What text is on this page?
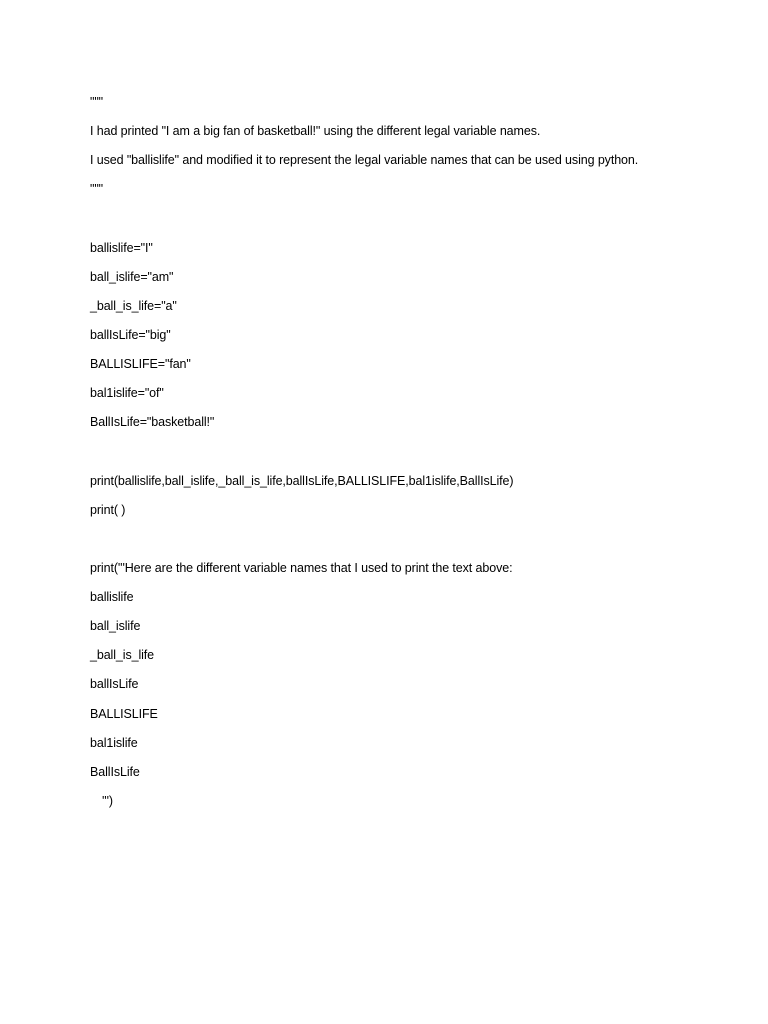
"""
I had printed "I am a big fan of basketball!" using the different legal variable names.
I used "ballislife" and modified it to represent the legal variable names that can be used using python.
"""
ballislife="I"
ball_islife="am"
_ball_is_life="a"
ballIsLife="big"
BALLISLIFE="fan"
bal1islife="of"
BallIsLife="basketball!"
print(ballislife,ball_islife,_ball_is_life,ballIsLife,BALLISLIFE,bal1islife,BallIsLife)
print( )
print('''Here are the different variable names that I used to print the text above:
ballislife
ball_islife
_ball_is_life
ballIsLife
BALLISLIFE
bal1islife
BallIsLife
''')
